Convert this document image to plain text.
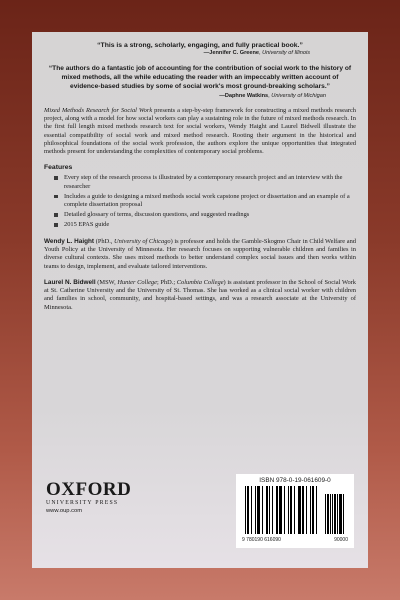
“This is a strong, scholarly, engaging, and fully practical book.”

—Jennifer C. Greene, University of Illinois

“The authors do a fantastic job of accounting for the contribution of social work to the history of mixed methods, all the while educating the reader with an impeccably written account of evidence-based studies by some of social work's most ground-breaking scholars.”

—Daphne Watkins, University of Michigan

Mixed Methods Research for Social Work presents a step-by-step framework for constructing a mixed methods research project, along with a model for how social workers can play a sustaining role in the future of mixed methods research. In the first full length mixed methods research text for social workers, Wendy Haight and Laurel Bidwell illustrate the essential compatibility of social work and mixed method research. Rooting their argument in the historical and philosophical foundations of the social work profession, the authors explore the unique opportunities that integrated methods present for understanding the complexities of contemporary social problems.

Features
Every step of the research process is illustrated by a contemporary research project and an interview with the researcher
Includes a guide to designing a mixed methods social work capstone project or dissertation and an example of a complete dissertation proposal
Detailed glossary of terms, discussion questions, and suggested readings
2015 EPAS guide

Wendy L. Haight (PhD., University of Chicago) is professor and holds the Gamble-Skogmo Chair in Child Welfare and Youth Policy at the University of Minnesota. Her research focuses on supporting vulnerable children and families in diverse cultural contexts. She uses mixed methods to better understand complex social issues and then works within teams to design, implement, and evaluate tailored interventions.

Laurel N. Bidwell (MSW, Hunter College; PhD.; Columbia College) is assistant professor in the School of Social Work at St. Catherine University and the University of St. Thomas. She has worked as a clinical social worker with children and families in school, community, and hospital-based settings, and was a research associate at the University of Minnesota.

OXFORD
UNIVERSITY PRESS
www.oup.com
ISBN 978-0-19-061609-0
9 780190 616090	90000
